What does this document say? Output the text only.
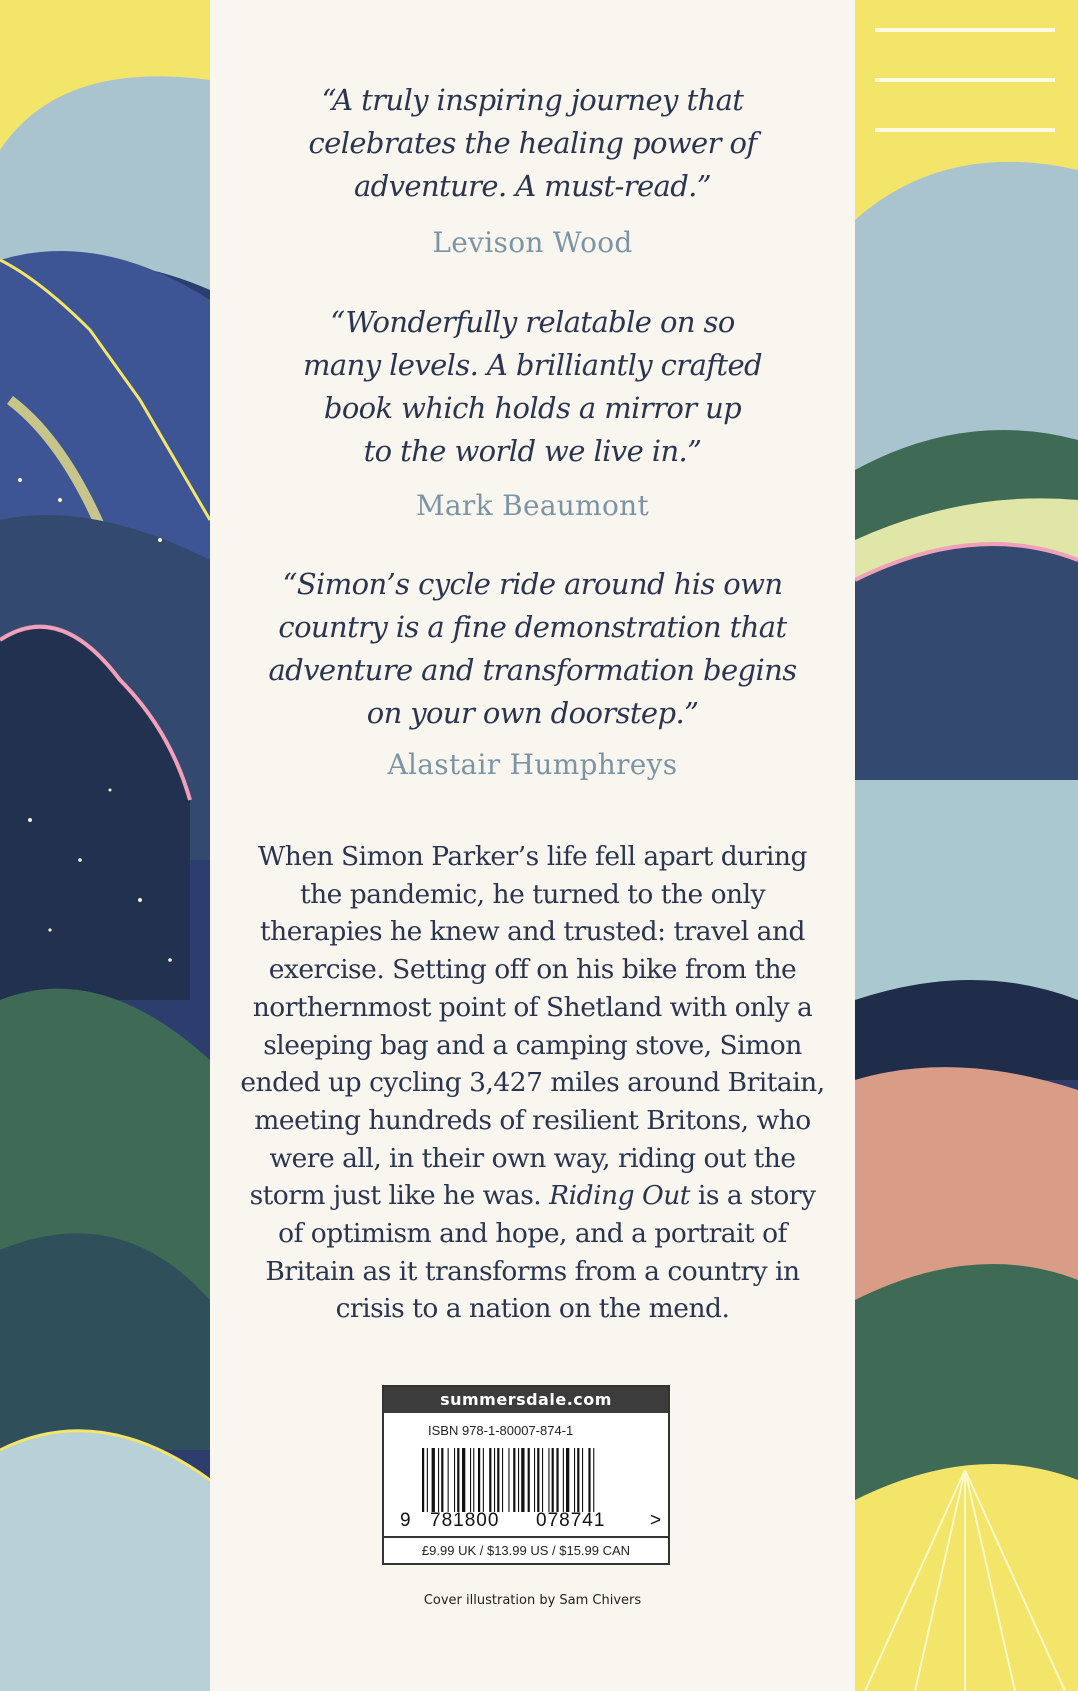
“A truly inspiring journey that
celebrates the healing power of
adventure. A must-read.”
Levison Wood
“Wonderfully relatable on so
many levels. A brilliantly crafted
book which holds a mirror up
to the world we live in.”
Mark Beaumont
“Simon’s cycle ride around his own
country is a fine demonstration that
adventure and transformation begins
on your own doorstep.”
Alastair Humphreys
When Simon Parker’s life fell apart during the pandemic, he turned to the only therapies he knew and trusted: travel and exercise. Setting off on his bike from the northernmost point of Shetland with only a sleeping bag and a camping stove, Simon ended up cycling 3,427 miles around Britain, meeting hundreds of resilient Britons, who were all, in their own way, riding out the storm just like he was. Riding Out is a story of optimism and hope, and a portrait of Britain as it transforms from a country in crisis to a nation on the mend.
summersdale.com
ISBN 978-1-80007-874-1
9 781800 078741 >
£9.99 UK / $13.99 US / $15.99 CAN
Cover illustration by Sam Chivers
